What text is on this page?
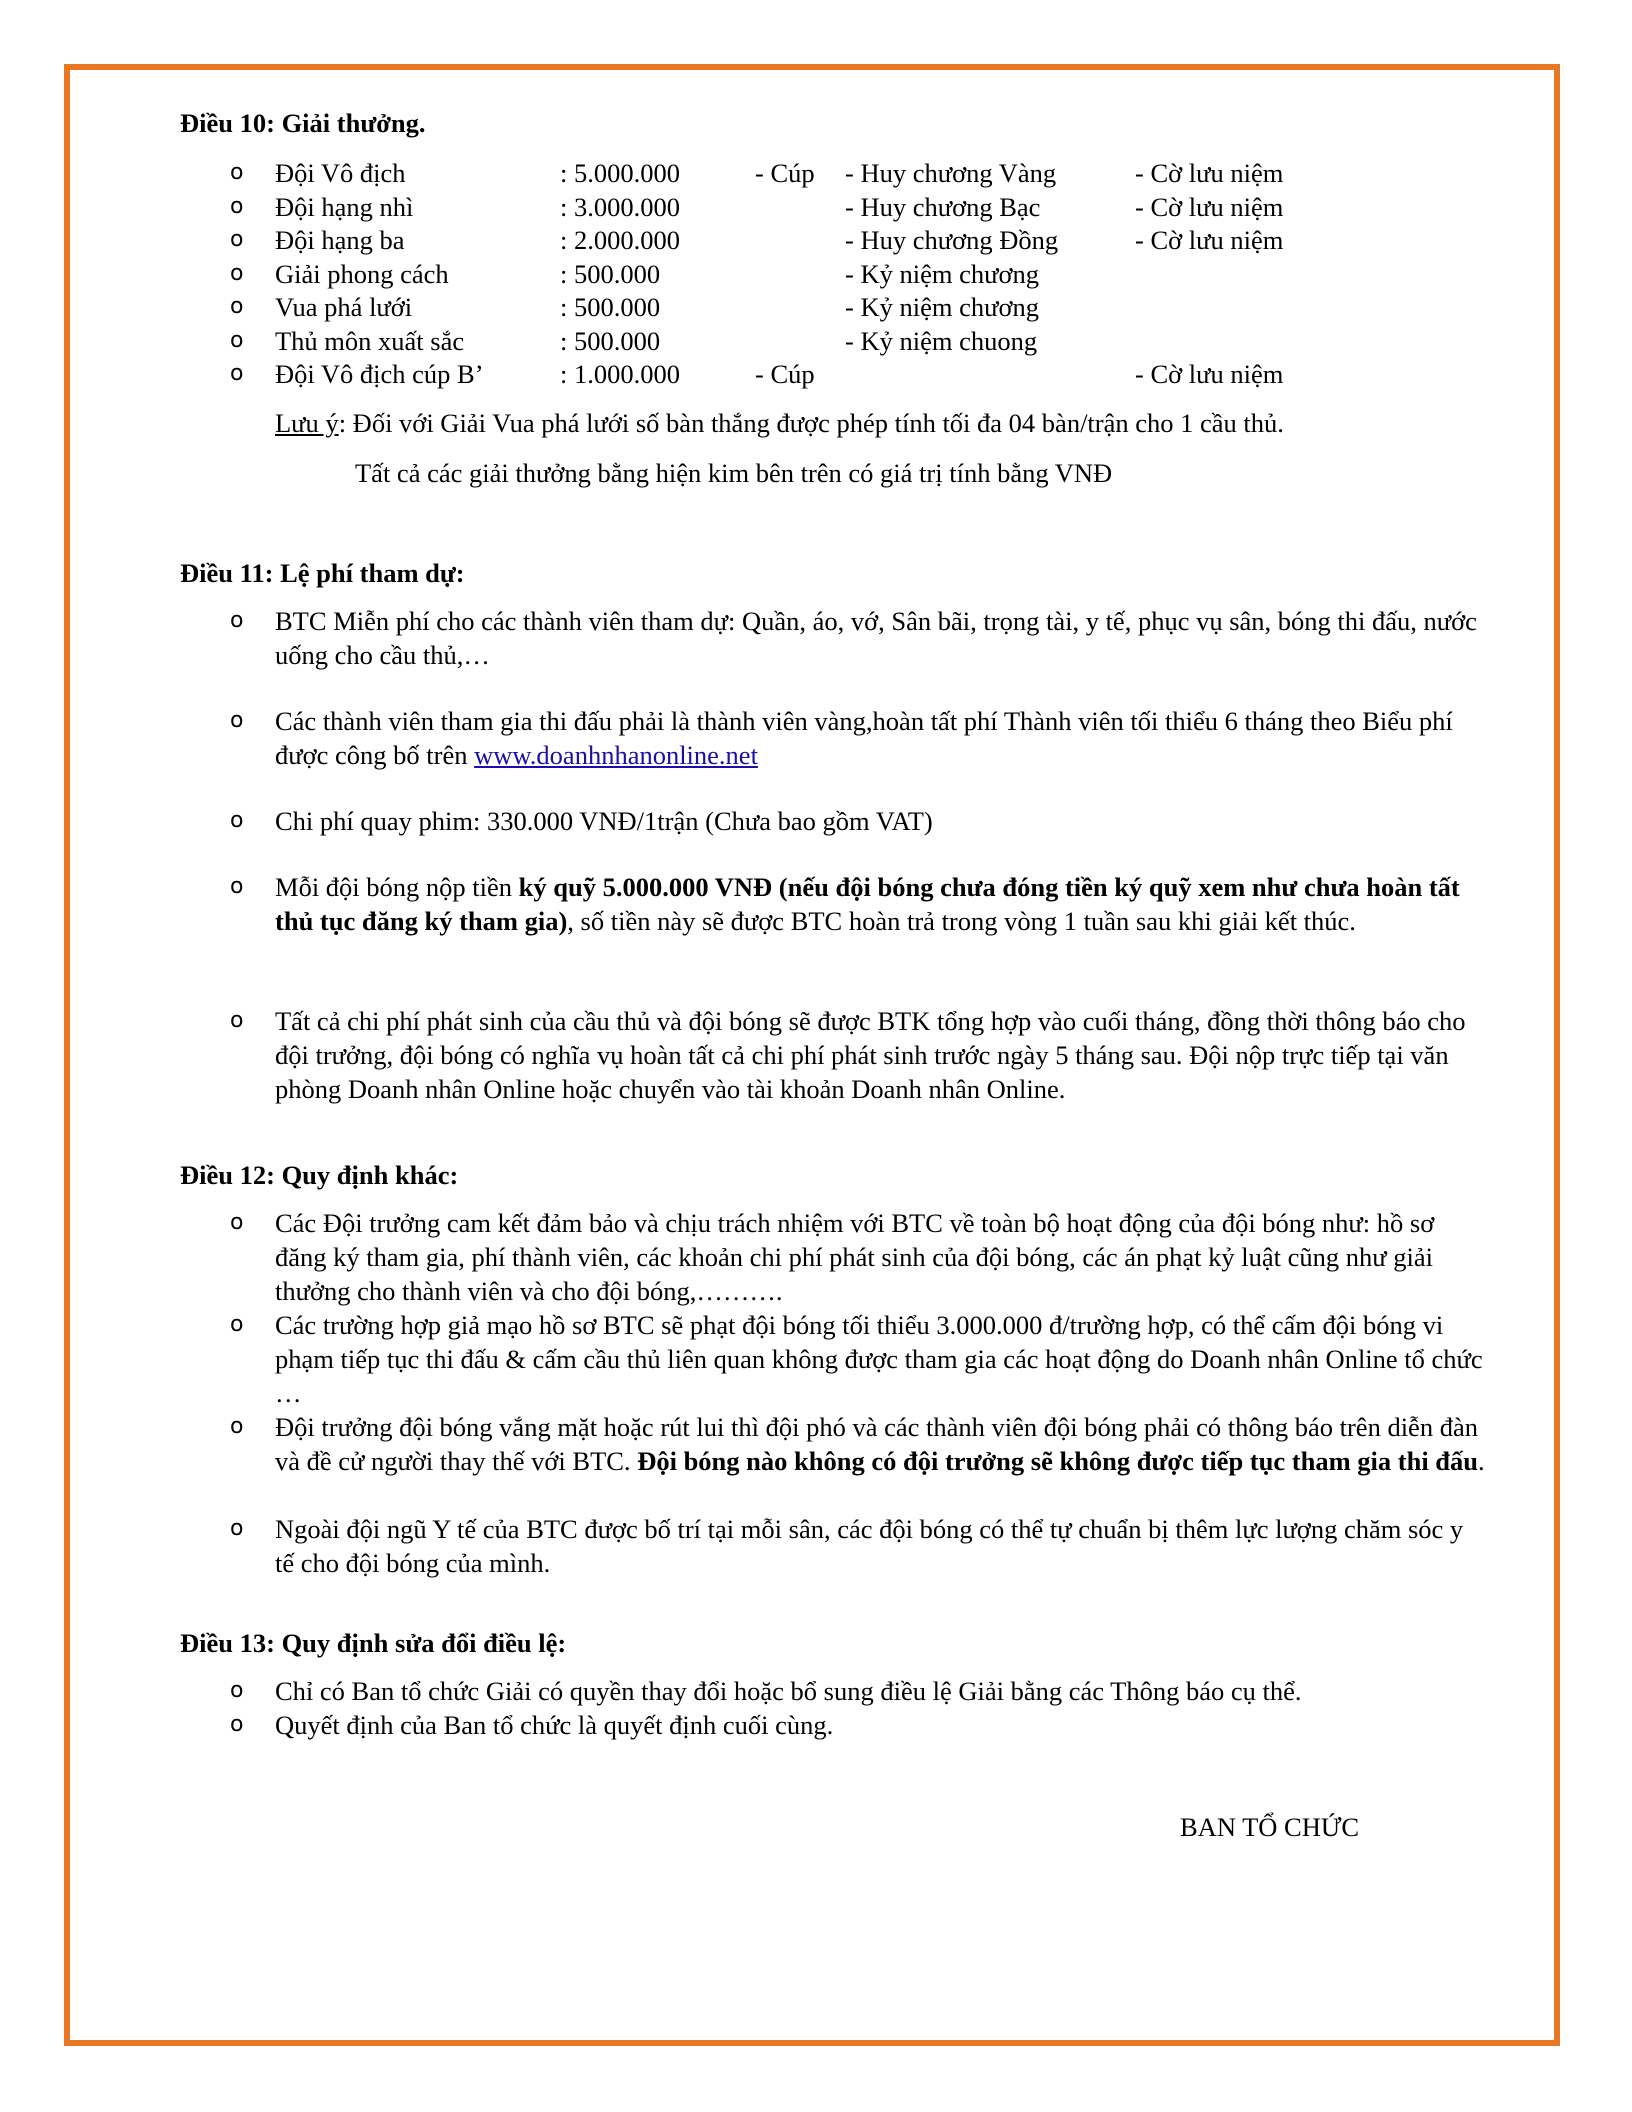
Điều 10: Giải thưởng.
o Đội Vô địch	: 5.000.000	- Cúp - Huy chương Vàng	- Cờ lưu niệm
o Đội hạng nhì	: 3.000.000	- Huy chương Bạc	- Cờ lưu niệm
o Đội hạng ba	: 2.000.000	- Huy chương Đồng	- Cờ lưu niệm
o Giải phong cách	: 500.000	- Kỷ niệm chương
o Vua phá lưới	: 500.000	- Kỷ niệm chương
o Thủ môn xuất sắc	: 500.000	- Kỷ niệm chuong
o Đội Vô địch cúp B’	: 1.000.000	- Cúp	- Cờ lưu niệm
Lưu ý: Đối với Giải Vua phá lưới số bàn thắng được phép tính tối đa 04 bàn/trận cho 1 cầu thủ.
Tất cả các giải thưởng bằng hiện kim bên trên có giá trị tính bằng VNĐ
Điều 11: Lệ phí tham dự:
o BTC Miễn phí cho các thành viên tham dự: Quần, áo, vớ, Sân bãi, trọng tài, y tế, phục vụ sân, bóng thi đấu, nước uống cho cầu thủ,…
o Các thành viên tham gia thi đấu phải là thành viên vàng,hoàn tất phí Thành viên tối thiểu 6 tháng theo Biểu phí được công bố trên www.doanhnhanonline.net
o Chi phí quay phim: 330.000 VNĐ/1trận (Chưa bao gồm VAT)
o Mỗi đội bóng nộp tiền ký quỹ 5.000.000 VNĐ (nếu đội bóng chưa đóng tiền ký quỹ xem như chưa hoàn tất thủ tục đăng ký tham gia), số tiền này sẽ được BTC hoàn trả trong vòng 1 tuần sau khi giải kết thúc.
o Tất cả chi phí phát sinh của cầu thủ và đội bóng sẽ được BTK tổng hợp vào cuối tháng, đồng thời thông báo cho đội trưởng, đội bóng có nghĩa vụ hoàn tất cả chi phí phát sinh trước ngày 5 tháng sau. Đội nộp trực tiếp tại văn phòng Doanh nhân Online hoặc chuyển vào tài khoản Doanh nhân Online.
Điều 12: Quy định khác:
o Các Đội trưởng cam kết đảm bảo và chịu trách nhiệm với BTC về toàn bộ hoạt động của đội bóng như: hồ sơ đăng ký tham gia, phí thành viên, các khoản chi phí phát sinh của đội bóng, các án phạt kỷ luật cũng như giải thưởng cho thành viên và cho đội bóng,……….
o Các trường hợp giả mạo hồ sơ BTC sẽ phạt đội bóng tối thiểu 3.000.000 đ/trường hợp, có thể cấm đội bóng vi phạm tiếp tục thi đấu & cấm cầu thủ liên quan không được tham gia các hoạt động do Doanh nhân Online tổ chức …
o Đội trưởng đội bóng vắng mặt hoặc rút lui thì đội phó và các thành viên đội bóng phải có thông báo trên diễn đàn và đề cử người thay thế với BTC. Đội bóng nào không có đội trưởng sẽ không được tiếp tục tham gia thi đấu.
o Ngoài đội ngũ Y tế của BTC được bố trí tại mỗi sân, các đội bóng có thể tự chuẩn bị thêm lực lượng chăm sóc y tế cho đội bóng của mình.
Điều 13: Quy định sửa đổi điều lệ:
o Chỉ có Ban tổ chức Giải có quyền thay đổi hoặc bổ sung điều lệ Giải bằng các Thông báo cụ thể.
o Quyết định của Ban tổ chức là quyết định cuối cùng.
BAN TỔ CHỨC
